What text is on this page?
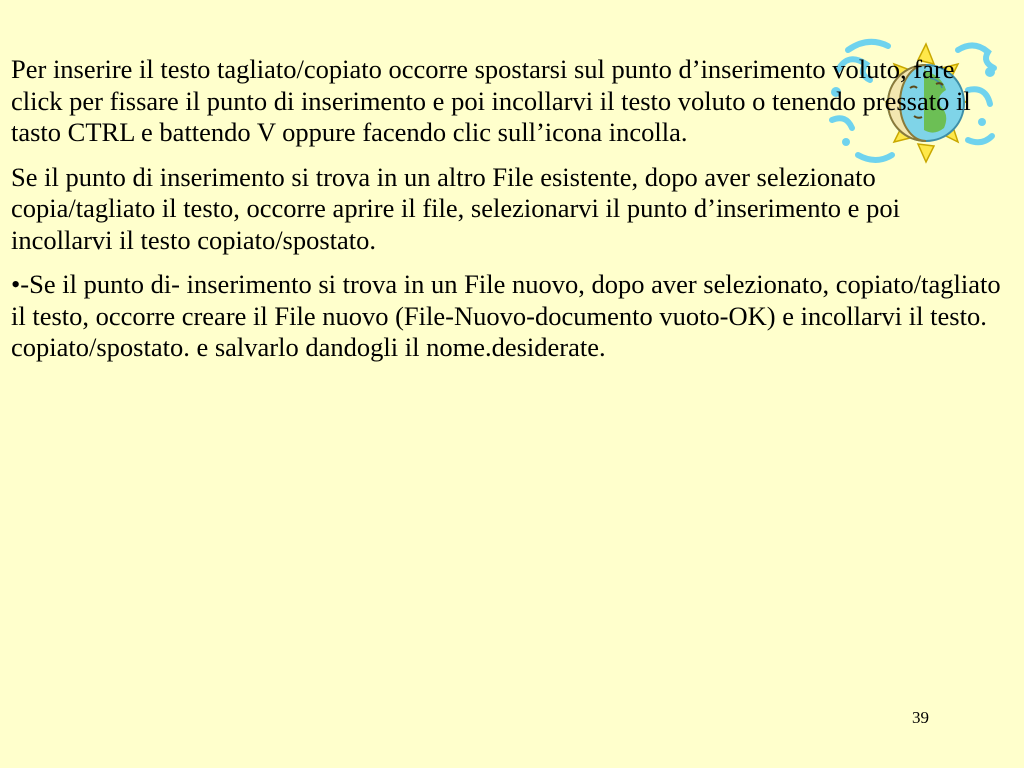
Per inserire il testo tagliato/copiato occorre spostarsi sul punto d’inserimento voluto, fare click per fissare il punto di inserimento e poi incollarvi il testo voluto o tenendo pressato il tasto CTRL e battendo V oppure facendo clic sull’icona incolla.

Se il punto di inserimento si trova in un altro File esistente, dopo aver selezionato copia/tagliato il testo, occorre aprire il file, selezionarvi il punto d’inserimento e poi incollarvi il testo copiato/spostato.

•-Se il punto di- inserimento si trova in un File nuovo, dopo aver selezionato, copiato/tagliato il testo, occorre creare il File nuovo (File-Nuovo-documento vuoto-OK) e incollarvi il testo. copiato/spostato. e salvarlo dandogli il nome.desiderate.

39
